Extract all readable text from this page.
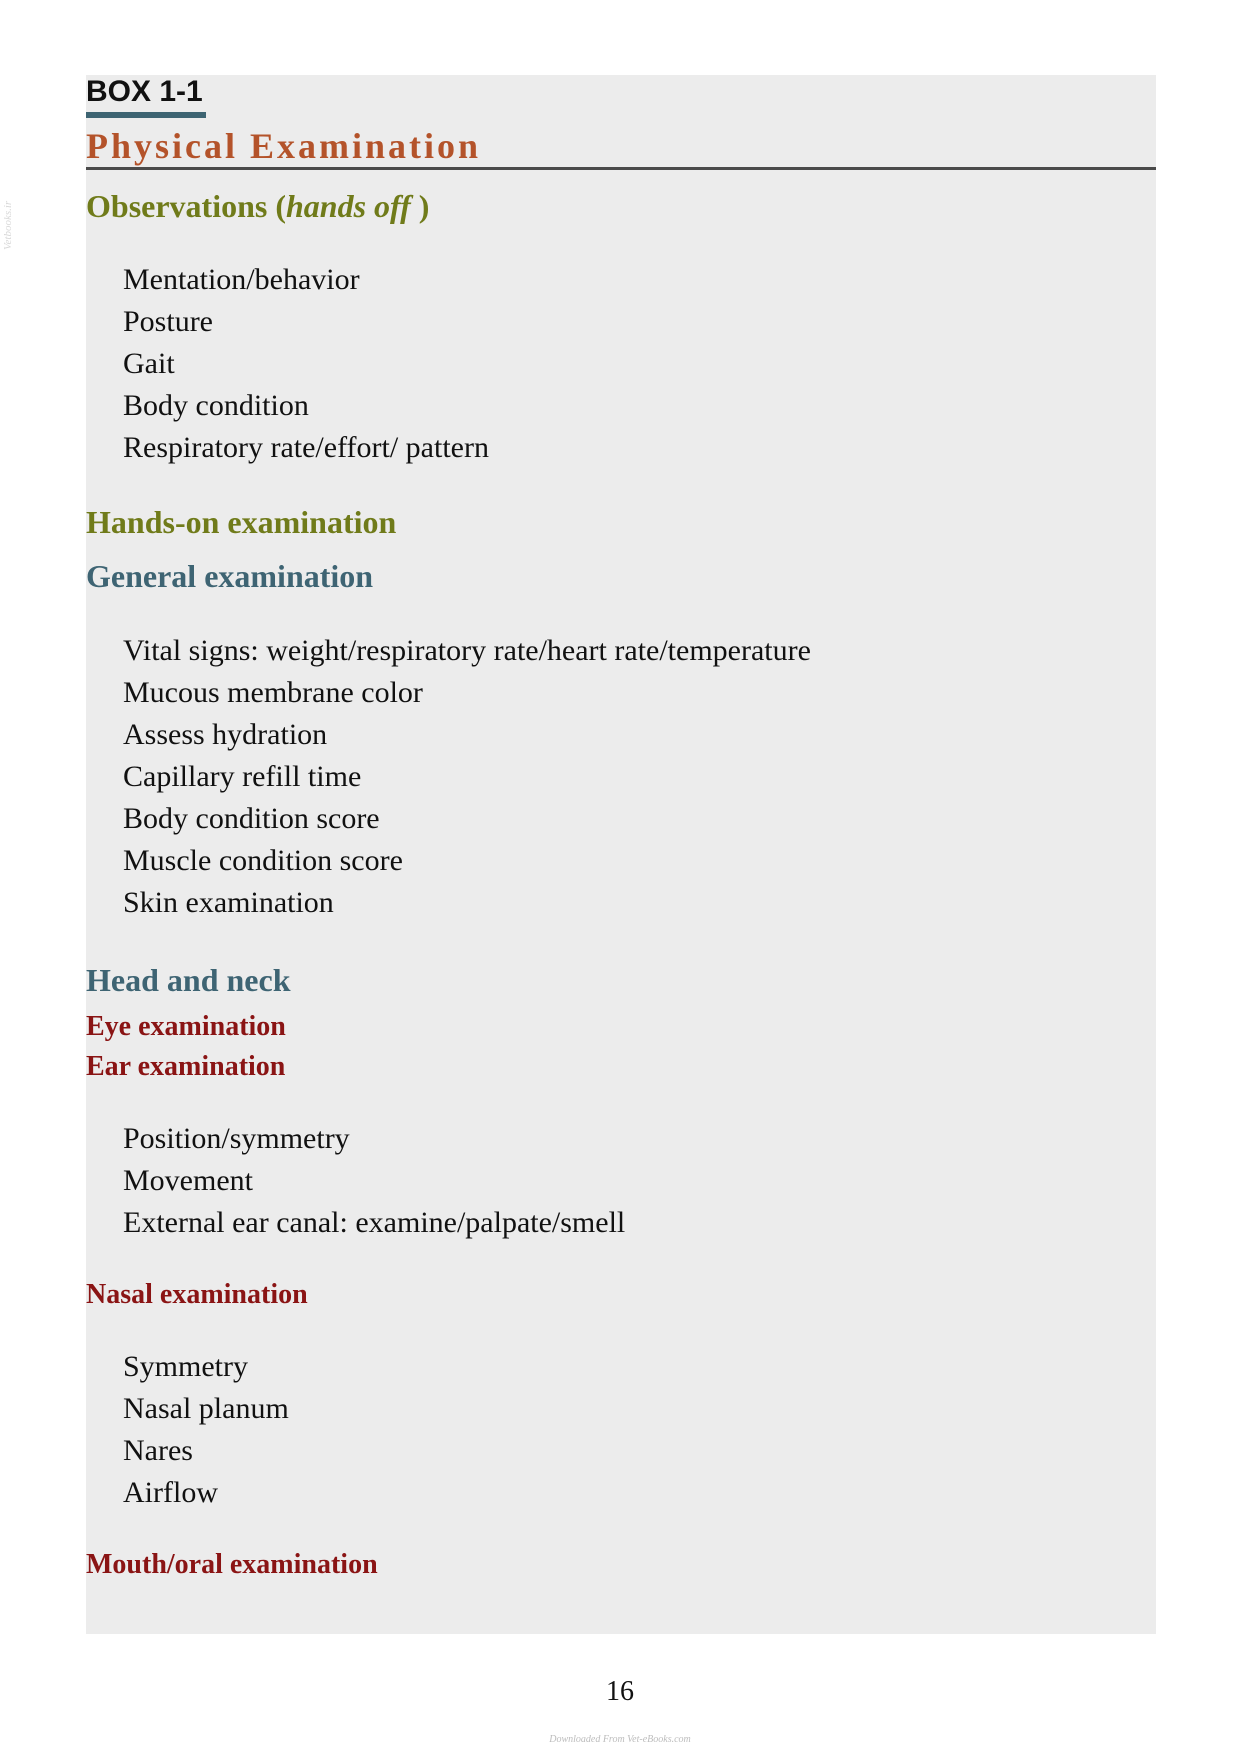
Vetbooks.ir
BOX 1-1
Physical Examination
Observations (hands off )
Mentation/behavior
Posture
Gait
Body condition
Respiratory rate/effort/ pattern
Hands-on examination
General examination
Vital signs: weight/respiratory rate/heart rate/temperature
Mucous membrane color
Assess hydration
Capillary refill time
Body condition score
Muscle condition score
Skin examination
Head and neck
Eye examination
Ear examination
Position/symmetry
Movement
External ear canal: examine/palpate/smell
Nasal examination
Symmetry
Nasal planum
Nares
Airflow
Mouth/oral examination
16
Downloaded From Vet-eBooks.com
